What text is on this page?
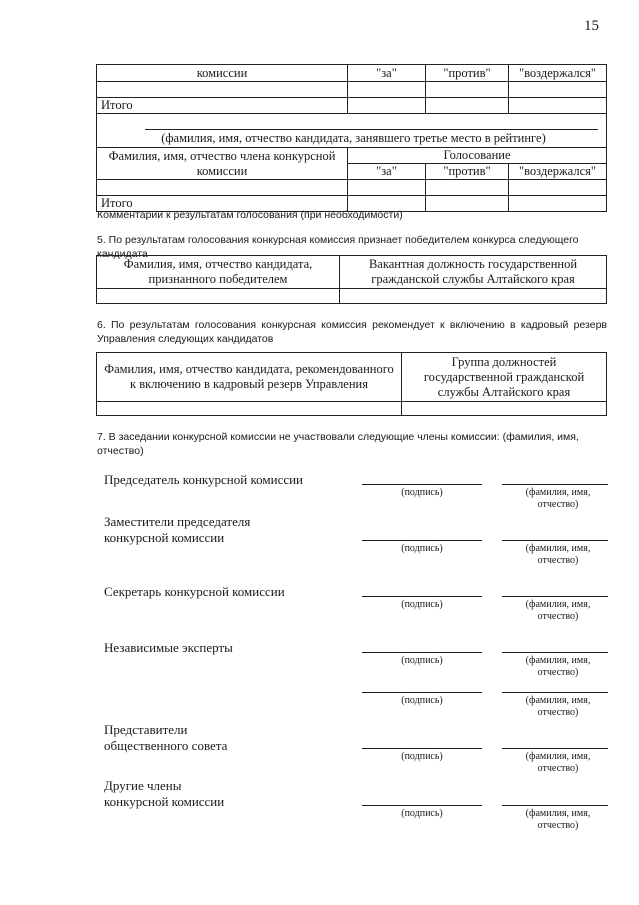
15
комиссии	"за"	"против"	"воздержался"

Итого			

(фамилия, имя, отчество кандидата, занявшего третье место в рейтинге)			

Фамилия, имя, отчество члена конкурсной комиссии	Голосование		
	"за"	"против"	"воздержался"

Итого			
Комментарии к результатам голосования (при необходимости)
5. По результатам голосования конкурсная комиссия признает победителем конкурса следующего кандидата
Фамилия, имя, отчество кандидата, признанного победителем	Вакантная должность государственной гражданской службы Алтайского края

6. По результатам голосования конкурсная комиссия рекомендует к включению в кадровый резерв Управления следующих кандидатов
Фамилия, имя, отчество кандидата, рекомендованного к включению в кадровый резерв Управления	Группа должностей государственной гражданской службы Алтайского края

7. В заседании конкурсной комиссии не участвовали следующие члены комиссии: (фамилия, имя, отчество)
Председатель конкурсной комиссии
(подпись)	(фамилия, имя, отчество)
Заместители председателя конкурсной комиссии
(подпись)	(фамилия, имя, отчество)
Секретарь конкурсной комиссии
(подпись)	(фамилия, имя, отчество)
Независимые эксперты
(подпись)	(фамилия, имя, отчество)
(подпись)	(фамилия, имя, отчество)
Представители общественного совета
(подпись)	(фамилия, имя, отчество)
Другие члены конкурсной комиссии
(подпись)	(фамилия, имя, отчество)
